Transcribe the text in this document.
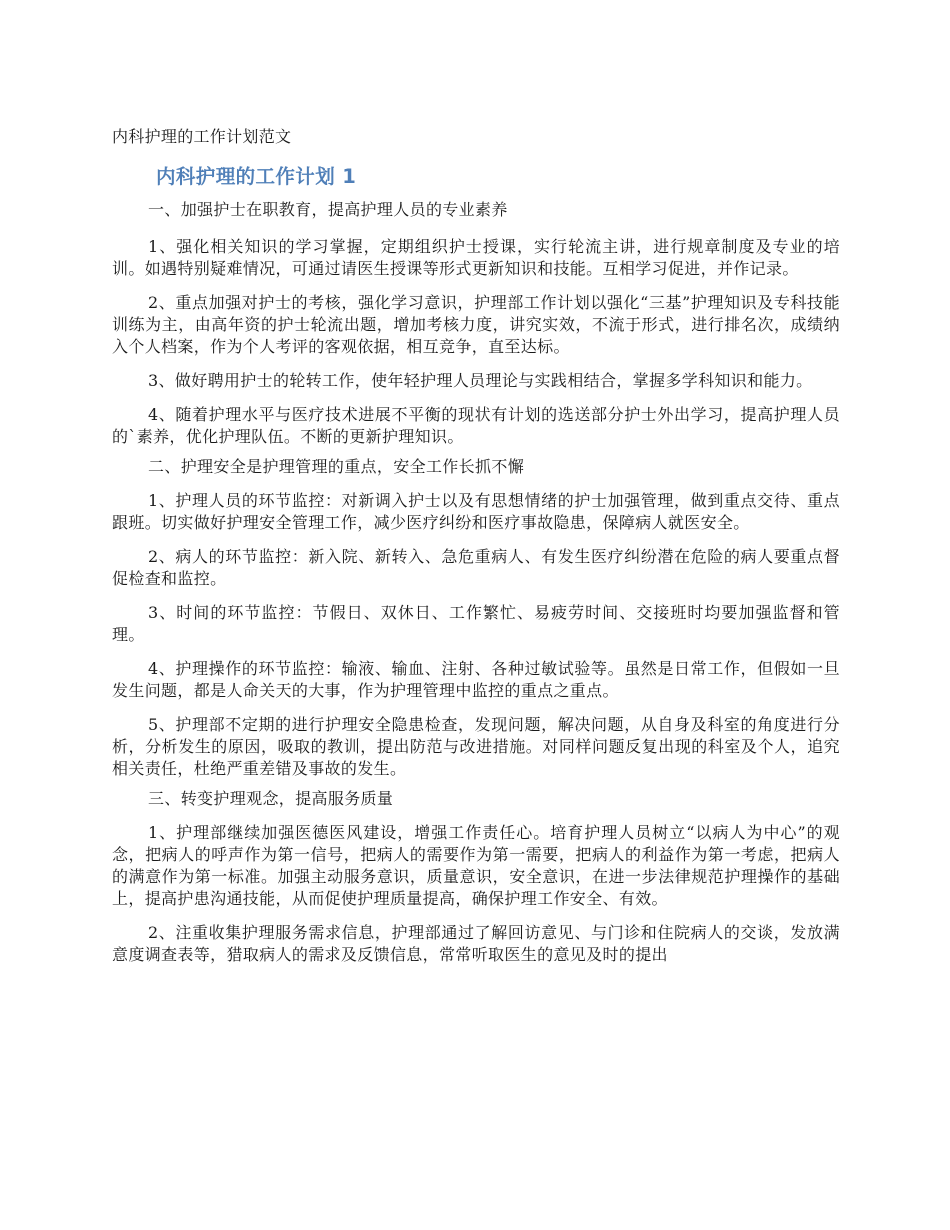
内科护理的工作计划范文
内科护理的工作计划 1

一、加强护士在职教育，提高护理人员的专业素养

1、强化相关知识的学习掌握，定期组织护士授课，实行轮流主讲，进行规章制度及专业的培训。如遇特别疑难情况，可通过请医生授课等形式更新知识和技能。互相学习促进，并作记录。

2、重点加强对护士的考核，强化学习意识，护理部工作计划以强化“三基”护理知识及专科技能训练为主，由高年资的护士轮流出题，增加考核力度，讲究实效，不流于形式，进行排名次，成绩纳入个人档案，作为个人考评的客观依据，相互竞争，直至达标。

3、做好聘用护士的轮转工作，使年轻护理人员理论与实践相结合，掌握多学科知识和能力。

4、随着护理水平与医疗技术进展不平衡的现状有计划的选送部分护士外出学习，提高护理人员的`素养，优化护理队伍。不断的更新护理知识。

二、护理安全是护理管理的重点，安全工作长抓不懈

1、护理人员的环节监控：对新调入护士以及有思想情绪的护士加强管理，做到重点交待、重点跟班。切实做好护理安全管理工作，减少医疗纠纷和医疗事故隐患，保障病人就医安全。

2、病人的环节监控：新入院、新转入、急危重病人、有发生医疗纠纷潜在危险的病人要重点督促检查和监控。

3、时间的环节监控：节假日、双休日、工作繁忙、易疲劳时间、交接班时均要加强监督和管理。

4、护理操作的环节监控：输液、输血、注射、各种过敏试验等。虽然是日常工作，但假如一旦发生问题，都是人命关天的大事，作为护理管理中监控的重点之重点。

5、护理部不定期的进行护理安全隐患检查，发现问题，解决问题，从自身及科室的角度进行分析，分析发生的原因，吸取的教训，提出防范与改进措施。对同样问题反复出现的科室及个人，追究相关责任，杜绝严重差错及事故的发生。

三、转变护理观念，提高服务质量

1、护理部继续加强医德医风建设，增强工作责任心。培育护理人员树立“以病人为中心”的观念，把病人的呼声作为第一信号，把病人的需要作为第一需要，把病人的利益作为第一考虑，把病人的满意作为第一标准。加强主动服务意识，质量意识，安全意识，在进一步法律规范护理操作的基础上，提高护患沟通技能，从而促使护理质量提高，确保护理工作安全、有效。

2、注重收集护理服务需求信息，护理部通过了解回访意见、与门诊和住院病人的交谈，发放满意度调查表等，猎取病人的需求及反馈信息，常常听取医生的意见及时的提出
